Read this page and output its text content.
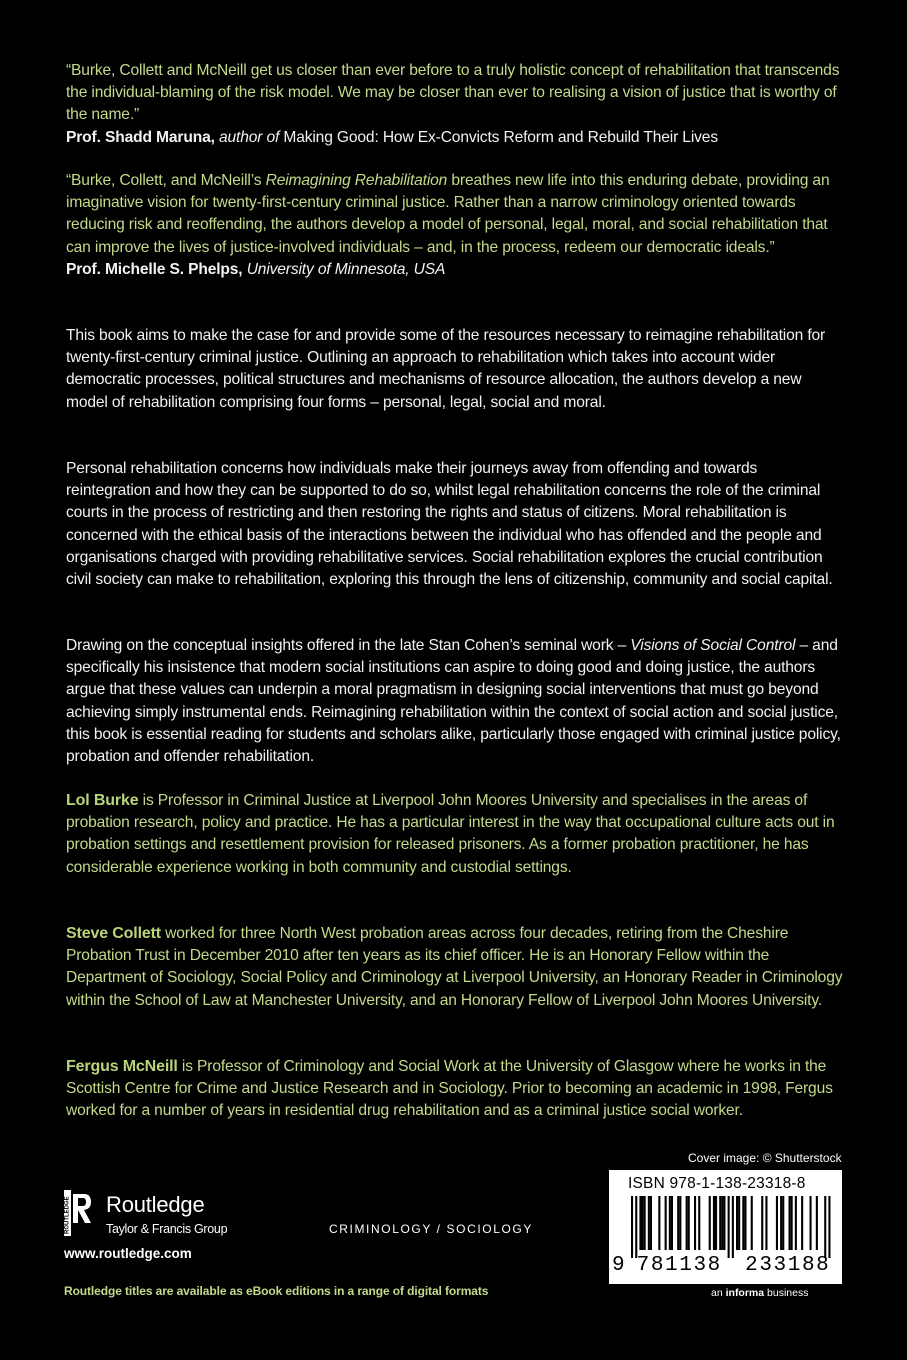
“Burke, Collett and McNeill get us closer than ever before to a truly holistic concept of rehabilitation that transcends the individual-blaming of the risk model. We may be closer than ever to realising a vision of justice that is worthy of the name.”
Prof. Shadd Maruna, author of Making Good: How Ex-Convicts Reform and Rebuild Their Lives
“Burke, Collett, and McNeill’s Reimagining Rehabilitation breathes new life into this enduring debate, providing an imaginative vision for twenty-first-century criminal justice. Rather than a narrow criminology oriented towards reducing risk and reoffending, the authors develop a model of personal, legal, moral, and social rehabilitation that can improve the lives of justice-involved individuals – and, in the process, redeem our democratic ideals.”
Prof. Michelle S. Phelps, University of Minnesota, USA

This book aims to make the case for and provide some of the resources necessary to reimagine rehabilitation for twenty-first-century criminal justice. Outlining an approach to rehabilitation which takes into account wider democratic processes, political structures and mechanisms of resource allocation, the authors develop a new model of rehabilitation comprising four forms – personal, legal, social and moral.

Personal rehabilitation concerns how individuals make their journeys away from offending and towards reintegration and how they can be supported to do so, whilst legal rehabilitation concerns the role of the criminal courts in the process of restricting and then restoring the rights and status of citizens. Moral rehabilitation is concerned with the ethical basis of the interactions between the individual who has offended and the people and organisations charged with providing rehabilitative services. Social rehabilitation explores the crucial contribution civil society can make to rehabilitation, exploring this through the lens of citizenship, community and social capital.

Drawing on the conceptual insights offered in the late Stan Cohen’s seminal work – Visions of Social Control – and specifically his insistence that modern social institutions can aspire to doing good and doing justice, the authors argue that these values can underpin a moral pragmatism in designing social interventions that must go beyond achieving simply instrumental ends. Reimagining rehabilitation within the context of social action and social justice, this book is essential reading for students and scholars alike, particularly those engaged with criminal justice policy, probation and offender rehabilitation.

Lol Burke is Professor in Criminal Justice at Liverpool John Moores University and specialises in the areas of probation research, policy and practice. He has a particular interest in the way that occupational culture acts out in probation settings and resettlement provision for released prisoners. As a former probation practitioner, he has considerable experience working in both community and custodial settings.

Steve Collett worked for three North West probation areas across four decades, retiring from the Cheshire Probation Trust in December 2010 after ten years as its chief officer. He is an Honorary Fellow within the Department of Sociology, Social Policy and Criminology at Liverpool University, an Honorary Reader in Criminology within the School of Law at Manchester University, and an Honorary Fellow of Liverpool John Moores University.

Fergus McNeill is Professor of Criminology and Social Work at the University of Glasgow where he works in the Scottish Centre for Crime and Justice Research and in Sociology. Prior to becoming an academic in 1998, Fergus worked for a number of years in residential drug rehabilitation and as a criminal justice social worker.

Cover image: © Shutterstock
ISBN 978-1-138-23318-8
9 781138	233188
an informa business
ROUTLEDGE Routledge
Taylor & Francis Group
www.routledge.com
CRIMINOLOGY / SOCIOLOGY
Routledge titles are available as eBook editions in a range of digital formats
